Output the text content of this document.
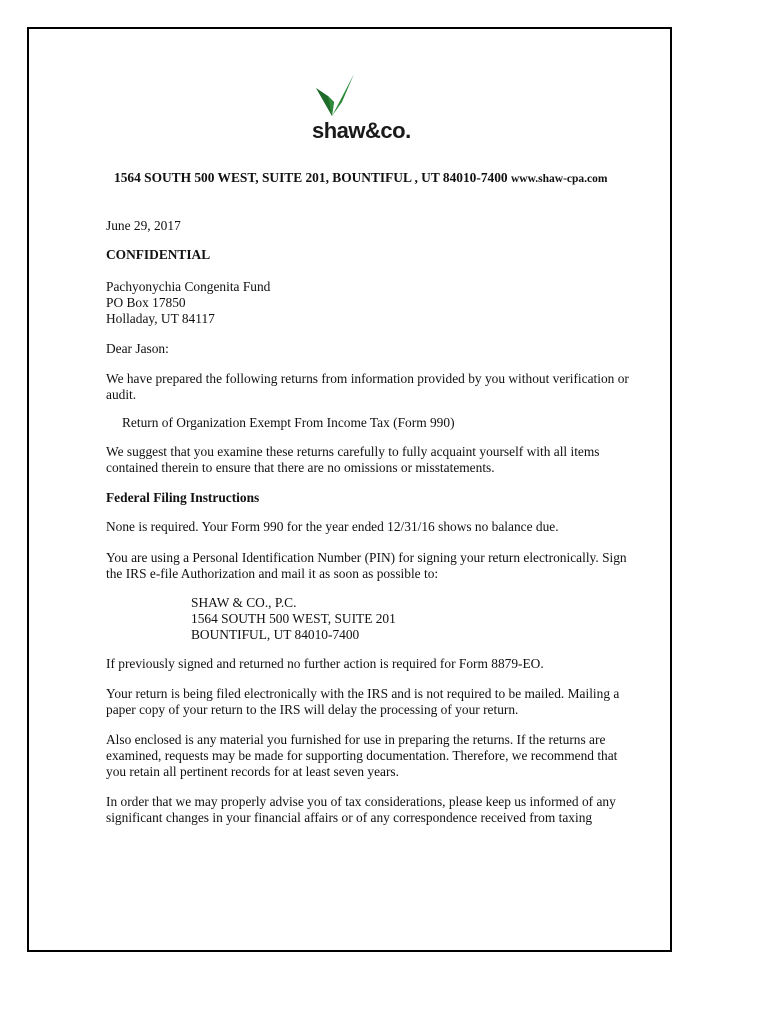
shaw&co.
1564 SOUTH 500 WEST, SUITE 201, BOUNTIFUL , UT 84010-7400 www.shaw-cpa.com
June 29, 2017
CONFIDENTIAL
Pachyonychia Congenita Fund
PO Box 17850
Holladay, UT 84117
Dear Jason:
We have prepared the following returns from information provided by you without verification or
audit.
Return of Organization Exempt From Income Tax (Form 990)
We suggest that you examine these returns carefully to fully acquaint yourself with all items
contained therein to ensure that there are no omissions or misstatements.
Federal Filing Instructions
None is required. Your Form 990 for the year ended 12/31/16 shows no balance due.
You are using a Personal Identification Number (PIN) for signing your return electronically. Sign
the IRS e-file Authorization and mail it as soon as possible to:
SHAW & CO., P.C.
1564 SOUTH 500 WEST, SUITE 201
BOUNTIFUL, UT 84010-7400
If previously signed and returned no further action is required for Form 8879-EO.
Your return is being filed electronically with the IRS and is not required to be mailed. Mailing a
paper copy of your return to the IRS will delay the processing of your return.
Also enclosed is any material you furnished for use in preparing the returns. If the returns are
examined, requests may be made for supporting documentation. Therefore, we recommend that
you retain all pertinent records for at least seven years.
In order that we may properly advise you of tax considerations, please keep us informed of any
significant changes in your financial affairs or of any correspondence received from taxing
